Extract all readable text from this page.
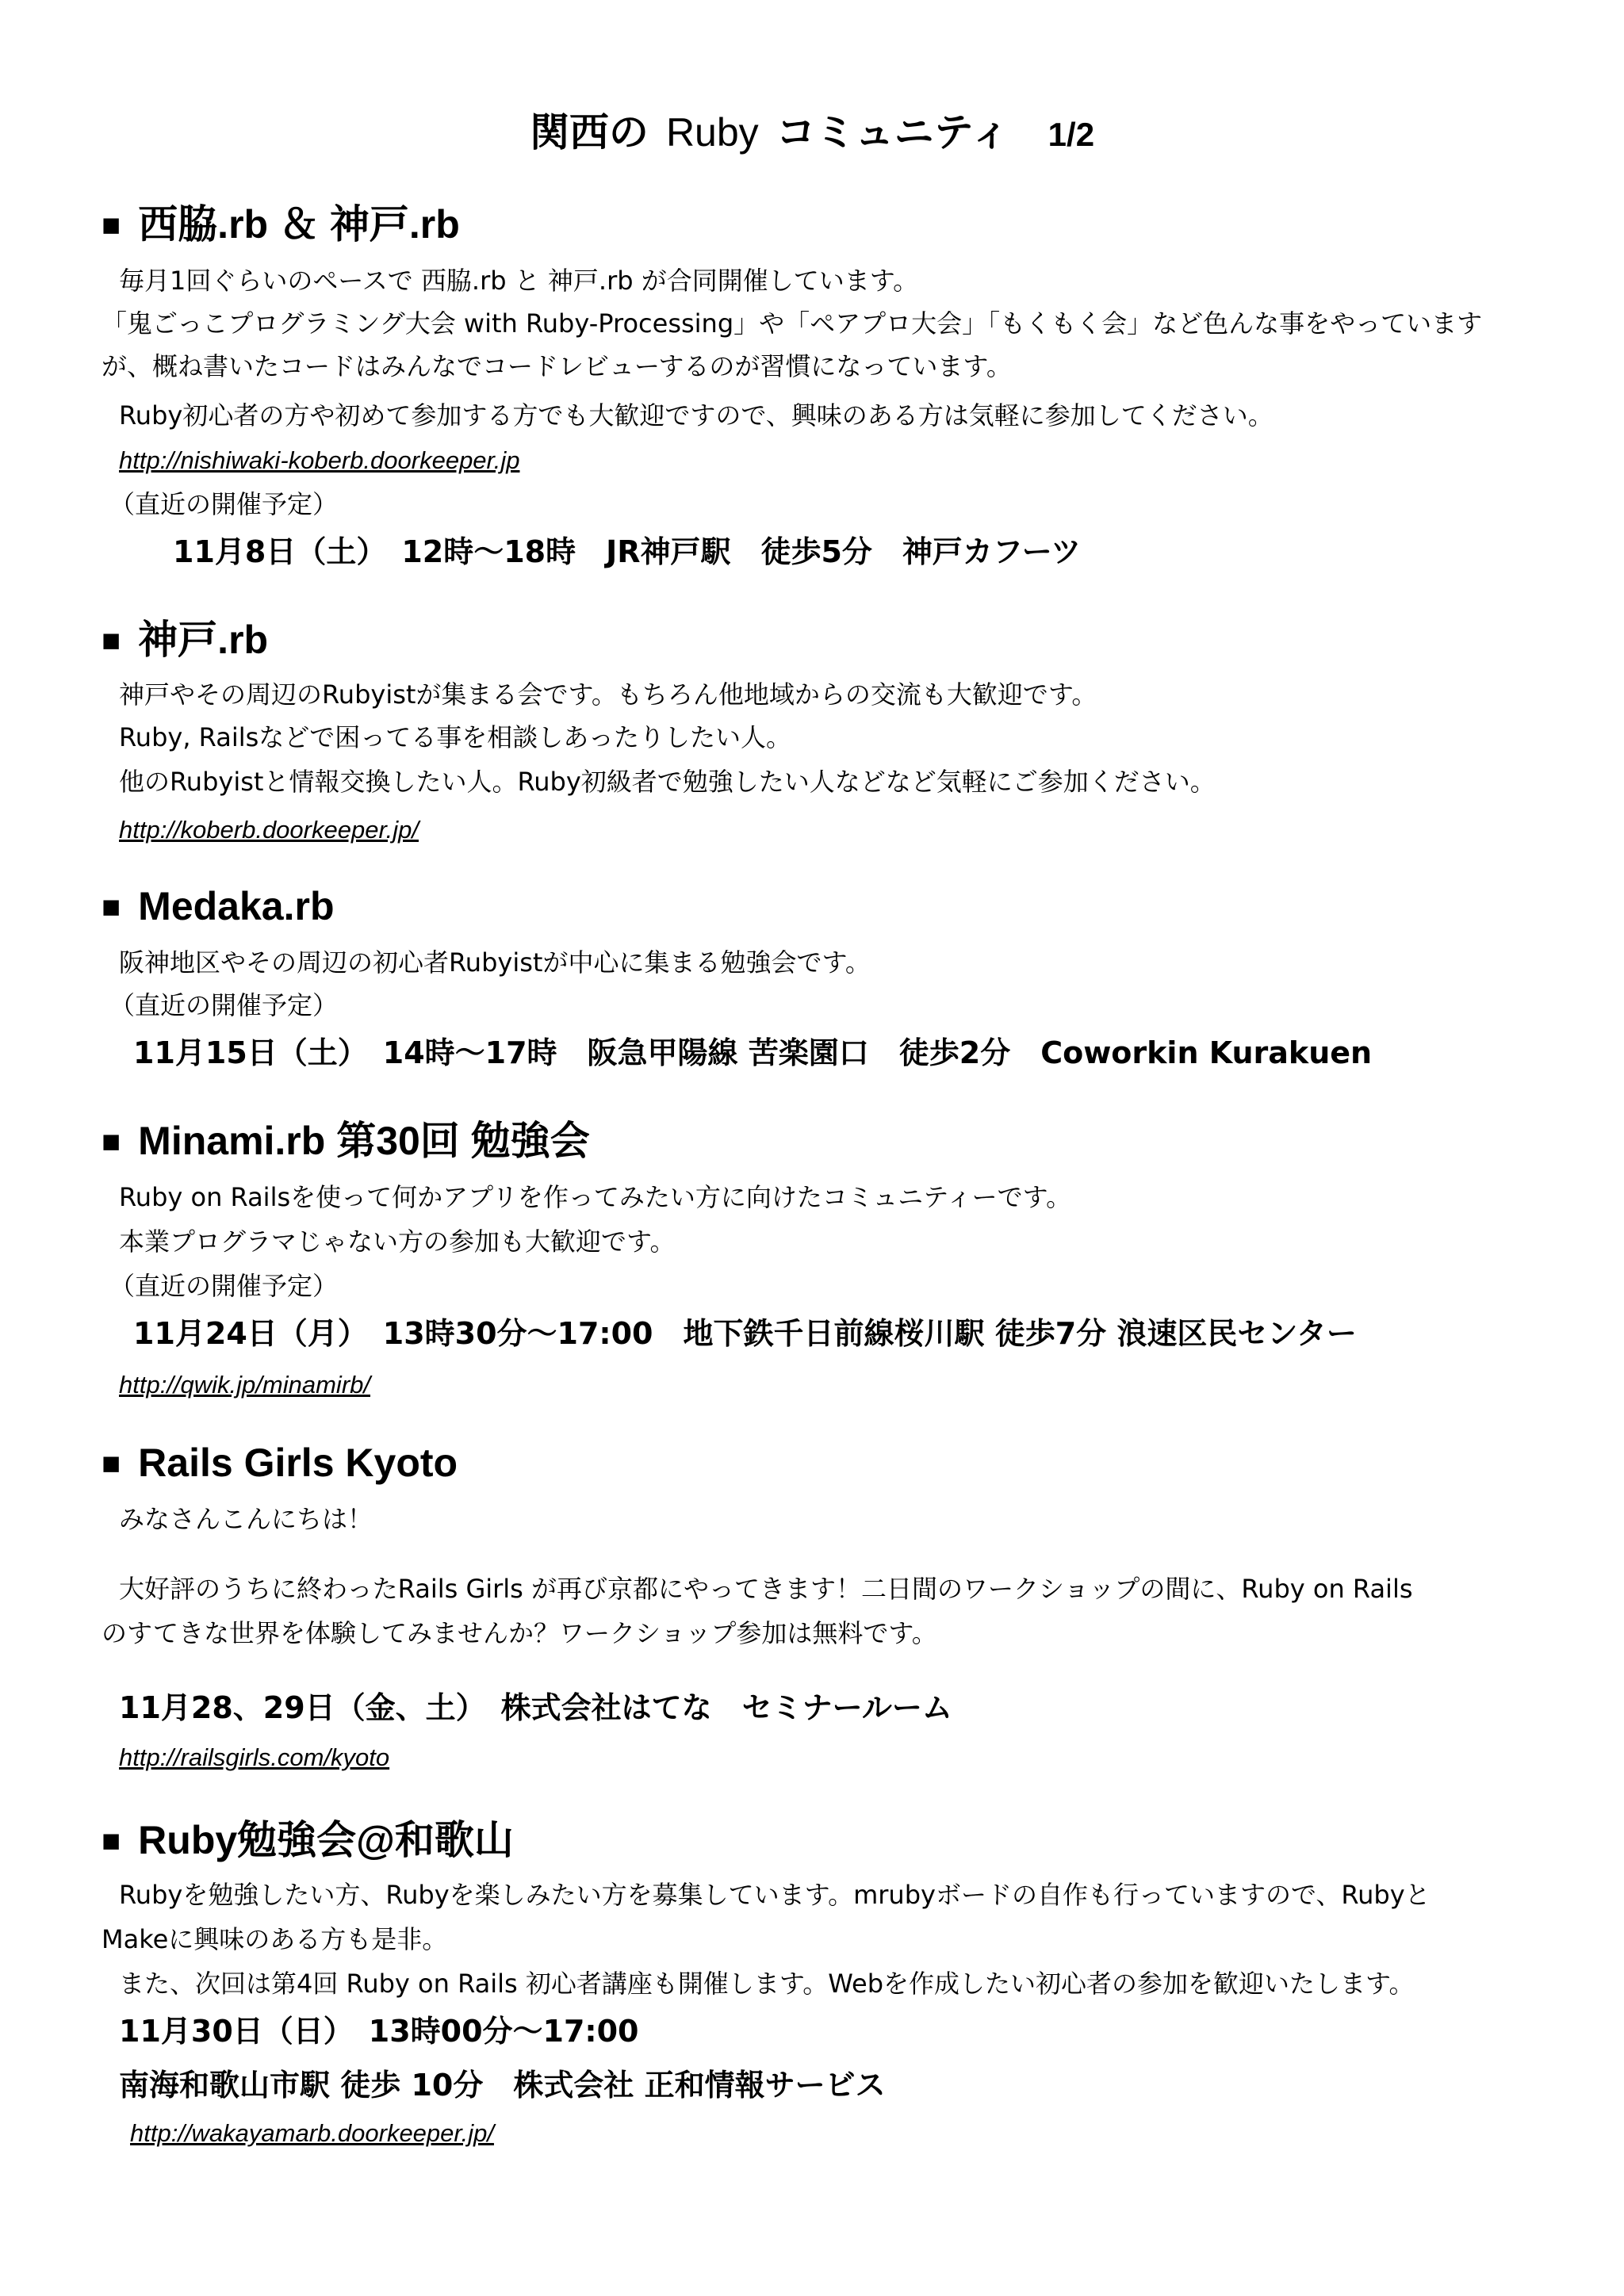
関西の Ruby コミュニティ 1/2
■ 西脇.rb ＆ 神戸.rb
毎月1回ぐらいのペースで 西脇.rb と 神戸.rb が合同開催しています。
「鬼ごっこプログラミング大会 with Ruby-Processing」や「ペアプロ大会」「もくもく会」など色んな事をやっています
が、概ね書いたコードはみんなでコードレビューするのが習慣になっています。
Ruby初心者の方や初めて参加する方でも大歓迎ですので、興味のある方は気軽に参加してください。
http://nishiwaki-koberb.doorkeeper.jp
（直近の開催予定）
11月8日（土）　12時～18時　JR神戸駅　徒歩5分　神戸カフーツ
■ 神戸.rb
神戸やその周辺のRubyistが集まる会です。もちろん他地域からの交流も大歓迎です。
Ruby, Railsなどで困ってる事を相談しあったりしたい人。
他のRubyistと情報交換したい人。Ruby初級者で勉強したい人などなど気軽にご参加ください。
http://koberb.doorkeeper.jp/
■ Medaka.rb
阪神地区やその周辺の初心者Rubyistが中心に集まる勉強会です。
（直近の開催予定）
11月15日（土）　14時～17時　阪急甲陽線 苦楽園口　徒歩2分　Coworkin Kurakuen
■ Minami.rb 第30回 勉強会
Ruby on Railsを使って何かアプリを作ってみたい方に向けたコミュニティーです。
本業プログラマじゃない方の参加も大歓迎です。
（直近の開催予定）
11月24日（月）　13時30分～17:00　地下鉄千日前線桜川駅 徒歩7分 浪速区民センター
http://qwik.jp/minamirb/
■ Rails Girls Kyoto
みなさんこんにちは！
大好評のうちに終わったRails Girls が再び京都にやってきます！二日間のワークショップの間に、Ruby on Rails
のすてきな世界を体験してみませんか？ワークショップ参加は無料です。
11月28、29日（金、土）　株式会社はてな　セミナールーム
http://railsgirls.com/kyoto
■ Ruby勉強会@和歌山
Rubyを勉強したい方、Rubyを楽しみたい方を募集しています。mrubyボードの自作も行っていますので、Rubyと
Makeに興味のある方も是非。
また、次回は第4回 Ruby on Rails 初心者講座も開催します。Webを作成したい初心者の参加を歓迎いたします。
11月30日（日）　13時00分～17:00
南海和歌山市駅 徒歩 10分　株式会社 正和情報サービス
http://wakayamarb.doorkeeper.jp/
